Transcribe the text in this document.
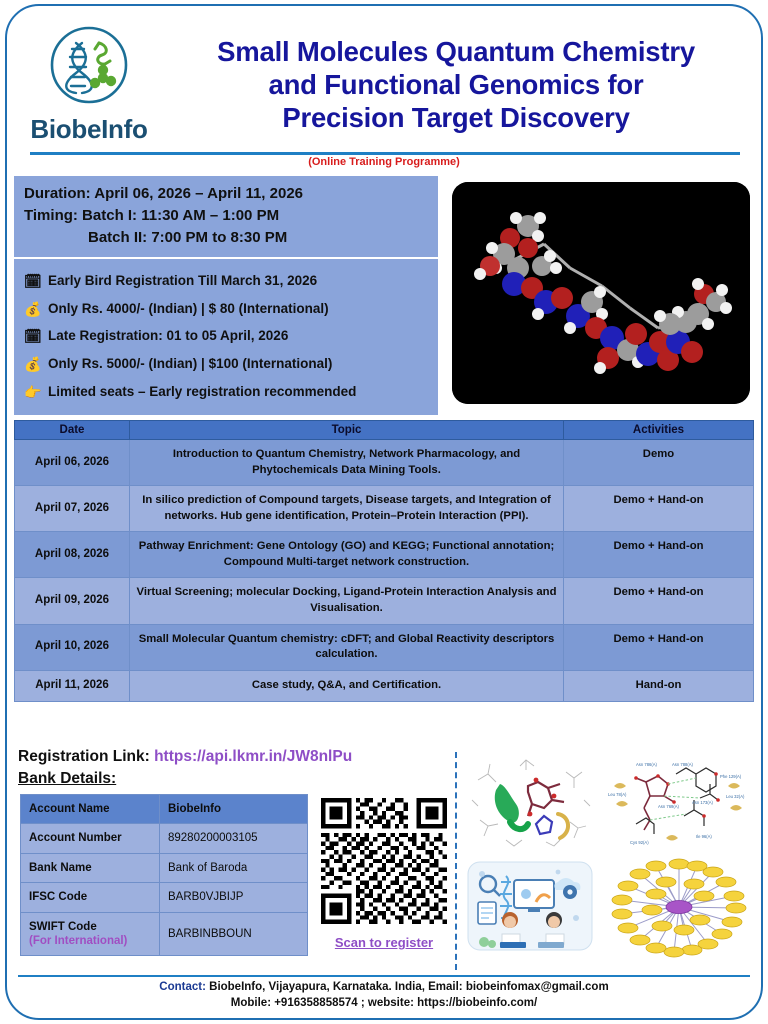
BiobeInfo
Small Molecules Quantum Chemistry
and Functional Genomics for
Precision Target Discovery
(Online Training Programme)
Duration: April 06, 2026 – April 11, 2026
Timing: Batch I: 11:30 AM – 1:00 PM
Batch II: 7:00 PM to 8:30 PM
🗓 Early Bird Registration Till March 31, 2026
💰 Only Rs. 4000/- (Indian) | $ 80 (International)
🗓 Late Registration: 01 to 05 April, 2026
💰 Only Rs. 5000/- (Indian) | $100 (International)
👉 Limited seats – Early registration recommended
Date	Topic	Activities
April 06, 2026	Introduction to Quantum Chemistry, Network Pharmacology, and Phytochemicals Data Mining Tools.	Demo
April 07, 2026	In silico prediction of Compound targets, Disease targets, and Integration of networks. Hub gene identification, Protein–Protein Interaction (PPI).	Demo + Hand-on
April 08, 2026	Pathway Enrichment: Gene Ontology (GO) and KEGG; Functional annotation; Compound Multi-target network construction.	Demo + Hand-on
April 09, 2026	Virtual Screening; molecular Docking, Ligand-Protein Interaction Analysis and Visualisation.	Demo + Hand-on
April 10, 2026	Small Molecular Quantum chemistry: cDFT; and Global Reactivity descriptors calculation.	Demo + Hand-on
April 11, 2026	Case study, Q&A, and Certification.	Hand-on
Registration Link: https://api.lkmr.in/JW8nlPu
Bank Details:
Account Name	BiobeInfo
Account Number	89280200003105
Bank Name	Bank of Baroda
IFSC Code	BARB0VJBIJP
SWIFT Code
(For International)	BARBINBBOUN
Scan to register
Asn 786(A)	Asn 788(A)
Phe 129(A)
Asn 173(A)
Asn 769(A)
Cys 92(A)
Ile 96(A)
Leu 78(A)	Leu 32(A)
Contact: BiobeInfo, Vijayapura, Karnataka. India, Email: biobeinfomax@gmail.com
Mobile: +916358858574 ; website: https://biobeinfo.com/
